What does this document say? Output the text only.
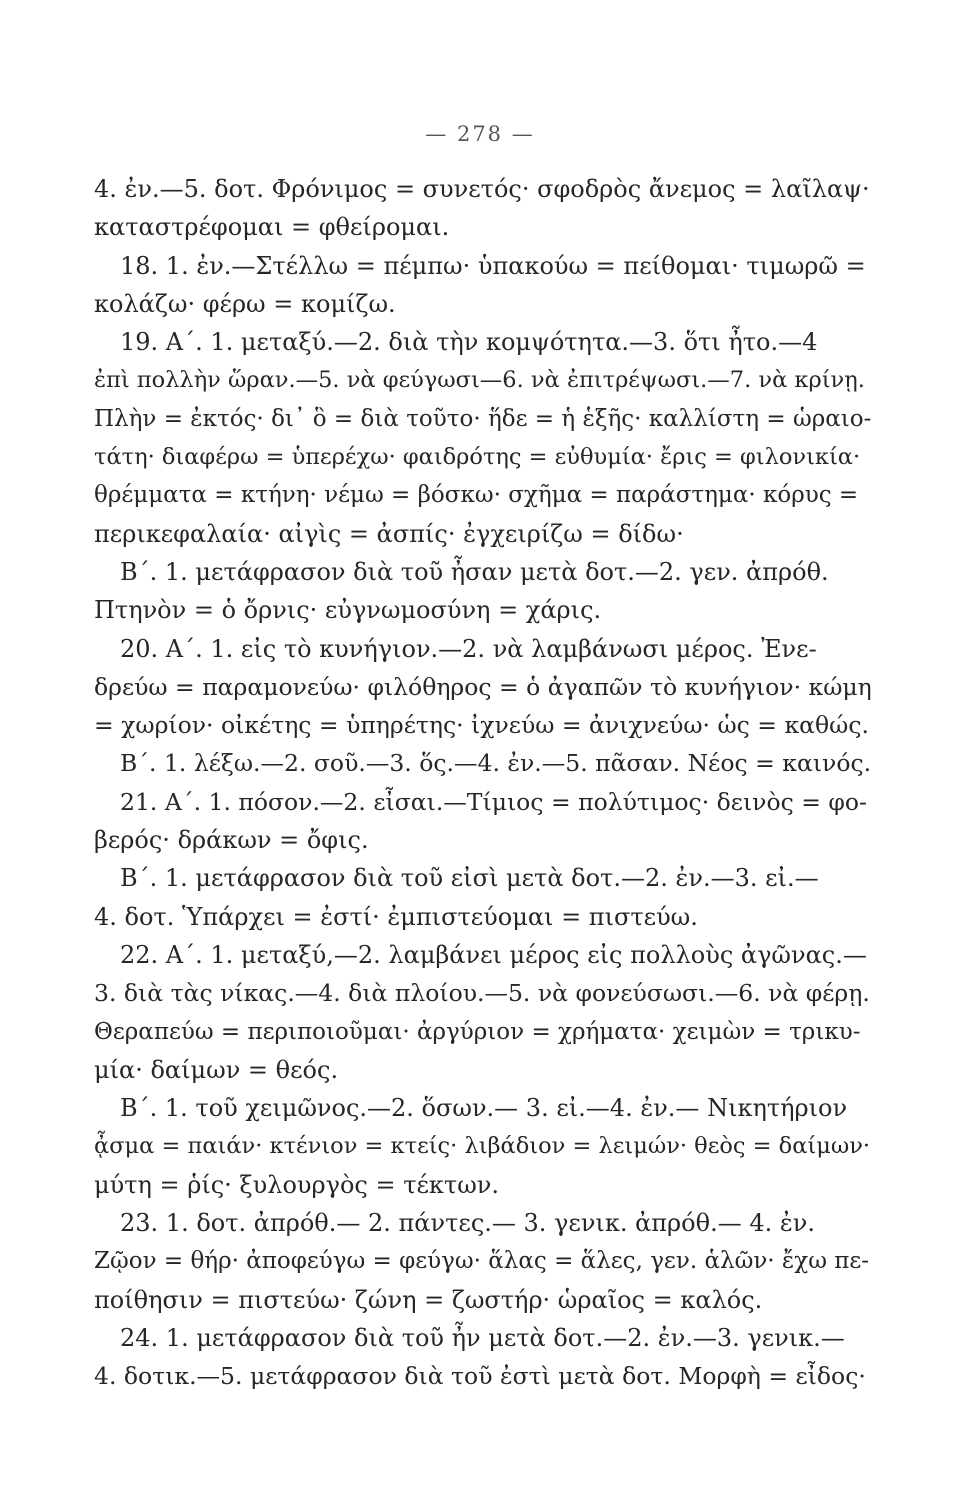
— 278 —
4. ἐν.—5. δοτ. Φρόνιμος = συνετός· σφοδρὸς ἄνεμος = λαῖλαψ·
καταστρέφομαι = φθείρομαι.
18. 1. ἐν.—Στέλλω = πέμπω· ὑπακούω = πείθομαι· τιμωρῶ =
κολάζω· φέρω = κομίζω.
19. Α΄. 1. μεταξύ.—2. διὰ τὴν κομψότητα.—3. ὅτι ἦτο.—4
ἐπὶ πολλὴν ὥραν.—5. νὰ φεύγωσι—6. νὰ ἐπιτρέψωσι.—7. νὰ κρίνῃ.
Πλὴν = ἐκτός· δι᾽ ὃ = διὰ τοῦτο· ἥδε = ἡ ἑξῆς· καλλίστη = ὡραιο-
τάτη· διαφέρω = ὑπερέχω· φαιδρότης = εὐθυμία· ἔρις = φιλονικία·
θρέμματα = κτήνη· νέμω = βόσκω· σχῆμα = παράστημα· κόρυς =
περικεφαλαία· αἰγὶς = ἀσπίς· ἐγχειρίζω = δίδω·
Β΄. 1. μετάφρασον διὰ τοῦ ἦσαν μετὰ δοτ.—2. γεν. ἀπρόθ.
Πτηνὸν = ὁ ὄρνις· εὐγνωμοσύνη = χάρις.
20. Α΄. 1. εἰς τὸ κυνήγιον.—2. νὰ λαμβάνωσι μέρος. Ἐνε-
δρεύω = παραμονεύω· φιλόθηρος = ὁ ἀγαπῶν τὸ κυνήγιον· κώμη
= χωρίον· οἰκέτης = ὑπηρέτης· ἰχνεύω = ἀνιχνεύω· ὡς = καθώς.
Β΄. 1. λέξω.—2. σοῦ.—3. ὅς.—4. ἐν.—5. πᾶσαν. Νέος = καινός.
21. Α΄. 1. πόσον.—2. εἶσαι.—Τίμιος = πολύτιμος· δεινὸς = φο-
βερός· δράκων = ὄφις.
Β΄. 1. μετάφρασον διὰ τοῦ εἰσὶ μετὰ δοτ.—2. ἐν.—3. εἰ.—
4. δοτ. Ὑπάρχει = ἐστί· ἐμπιστεύομαι = πιστεύω.
22. Α΄. 1. μεταξύ,—2. λαμβάνει μέρος εἰς πολλοὺς ἀγῶνας.—
3. διὰ τὰς νίκας.—4. διὰ πλοίου.—5. νὰ φονεύσωσι.—6. νὰ φέρῃ.
Θεραπεύω = περιποιοῦμαι· ἀργύριον = χρήματα· χειμὼν = τρικυ-
μία· δαίμων = θεός.
Β΄. 1. τοῦ χειμῶνος.—2. ὅσων.— 3. εἰ.—4. ἐν.— Νικητήριον
ᾆσμα = παιάν· κτένιον = κτείς· λιβάδιον = λειμών· θεὸς = δαίμων·
μύτη = ῥίς· ξυλουργὸς = τέκτων.
23. 1. δοτ. ἀπρόθ.— 2. πάντες.— 3. γενικ. ἀπρόθ.— 4. ἐν.
Ζῷον = θήρ· ἀποφεύγω = φεύγω· ἅλας = ἅλες, γεν. ἁλῶν· ἔχω πε-
ποίθησιν = πιστεύω· ζώνη = ζωστήρ· ὡραῖος = καλός.
24. 1. μετάφρασον διὰ τοῦ ἦν μετὰ δοτ.—2. ἐν.—3. γενικ.—
4. δοτικ.—5. μετάφρασον διὰ τοῦ ἐστὶ μετὰ δοτ. Μορφὴ = εἶδος·
